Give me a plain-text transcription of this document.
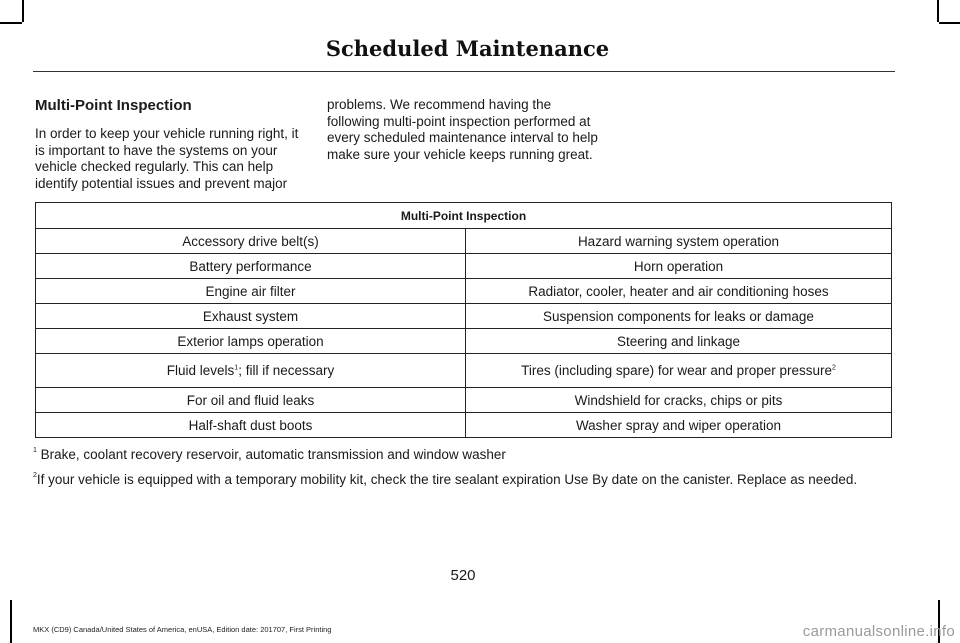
Scheduled Maintenance
Multi-Point Inspection
In order to keep your vehicle running right, it is important to have the systems on your vehicle checked regularly. This can help identify potential issues and prevent major
problems. We recommend having the following multi-point inspection performed at every scheduled maintenance interval to help make sure your vehicle keeps running great.
Multi-Point Inspection	
Accessory drive belt(s)	Hazard warning system operation
Battery performance	Horn operation
Engine air filter	Radiator, cooler, heater and air conditioning hoses
Exhaust system	Suspension components for leaks or damage
Exterior lamps operation	Steering and linkage
Fluid levels$^1$; fill if necessary	Tires (including spare) for wear and proper pressure$^2$
For oil and fluid leaks	Windshield for cracks, chips or pits
Half-shaft dust boots	Washer spray and wiper operation
$^1$ Brake, coolant recovery reservoir, automatic transmission and window washer
$^2$If your vehicle is equipped with a temporary mobility kit, check the tire sealant expiration Use By date on the canister. Replace as needed.
520
MKX (CD9) Canada/United States of America, enUSA, Edition date: 201707, First Printing	carmanualsonline.info
